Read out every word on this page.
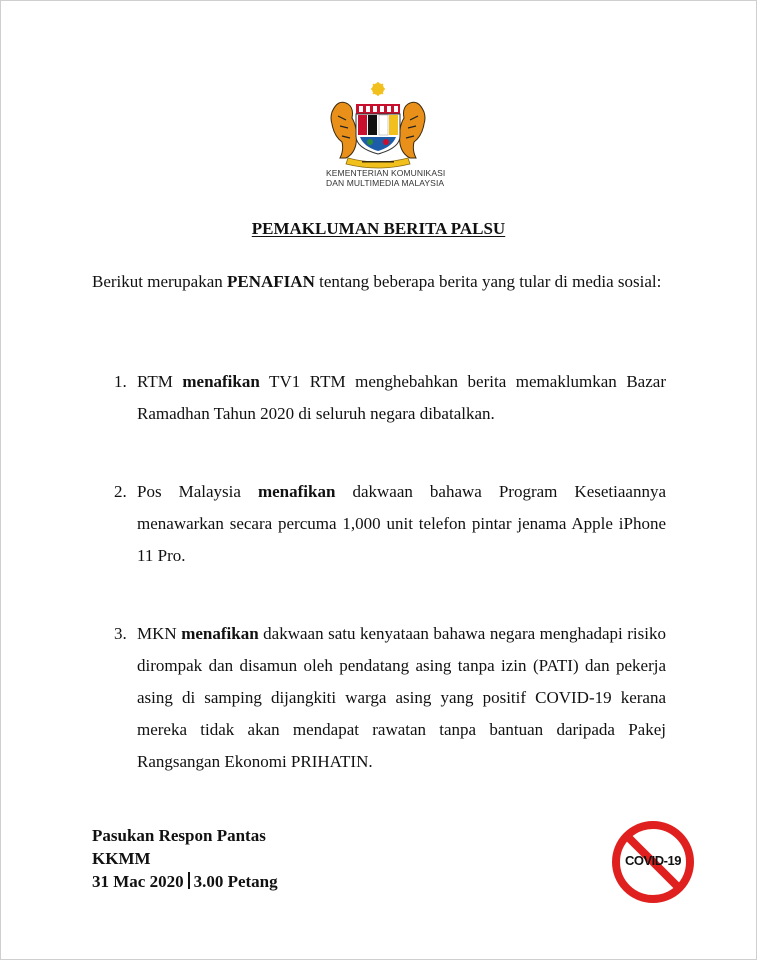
KEMENTERIAN KOMUNIKASI
DAN MULTIMEDIA MALAYSIA
PEMAKLUMAN BERITA PALSU
Berikut merupakan PENAFIAN tentang beberapa berita yang tular di media sosial:
1. RTM menafikan TV1 RTM menghebahkan berita memaklumkan Bazar Ramadhan Tahun 2020 di seluruh negara dibatalkan.
2. Pos Malaysia menafikan dakwaan bahawa Program Kesetiaannya menawarkan secara percuma 1,000 unit telefon pintar jenama Apple iPhone 11 Pro.
3. MKN menafikan dakwaan satu kenyataan bahawa negara menghadapi risiko dirompak dan disamun oleh pendatang asing tanpa izin (PATI) dan pekerja asing di samping dijangkiti warga asing yang positif COVID-19 kerana mereka tidak akan mendapat rawatan tanpa bantuan daripada Pakej Rangsangan Ekonomi PRIHATIN.
Pasukan Respon Pantas
KKMM
31 Mac 2020 3.00 Petang
COVID-19
